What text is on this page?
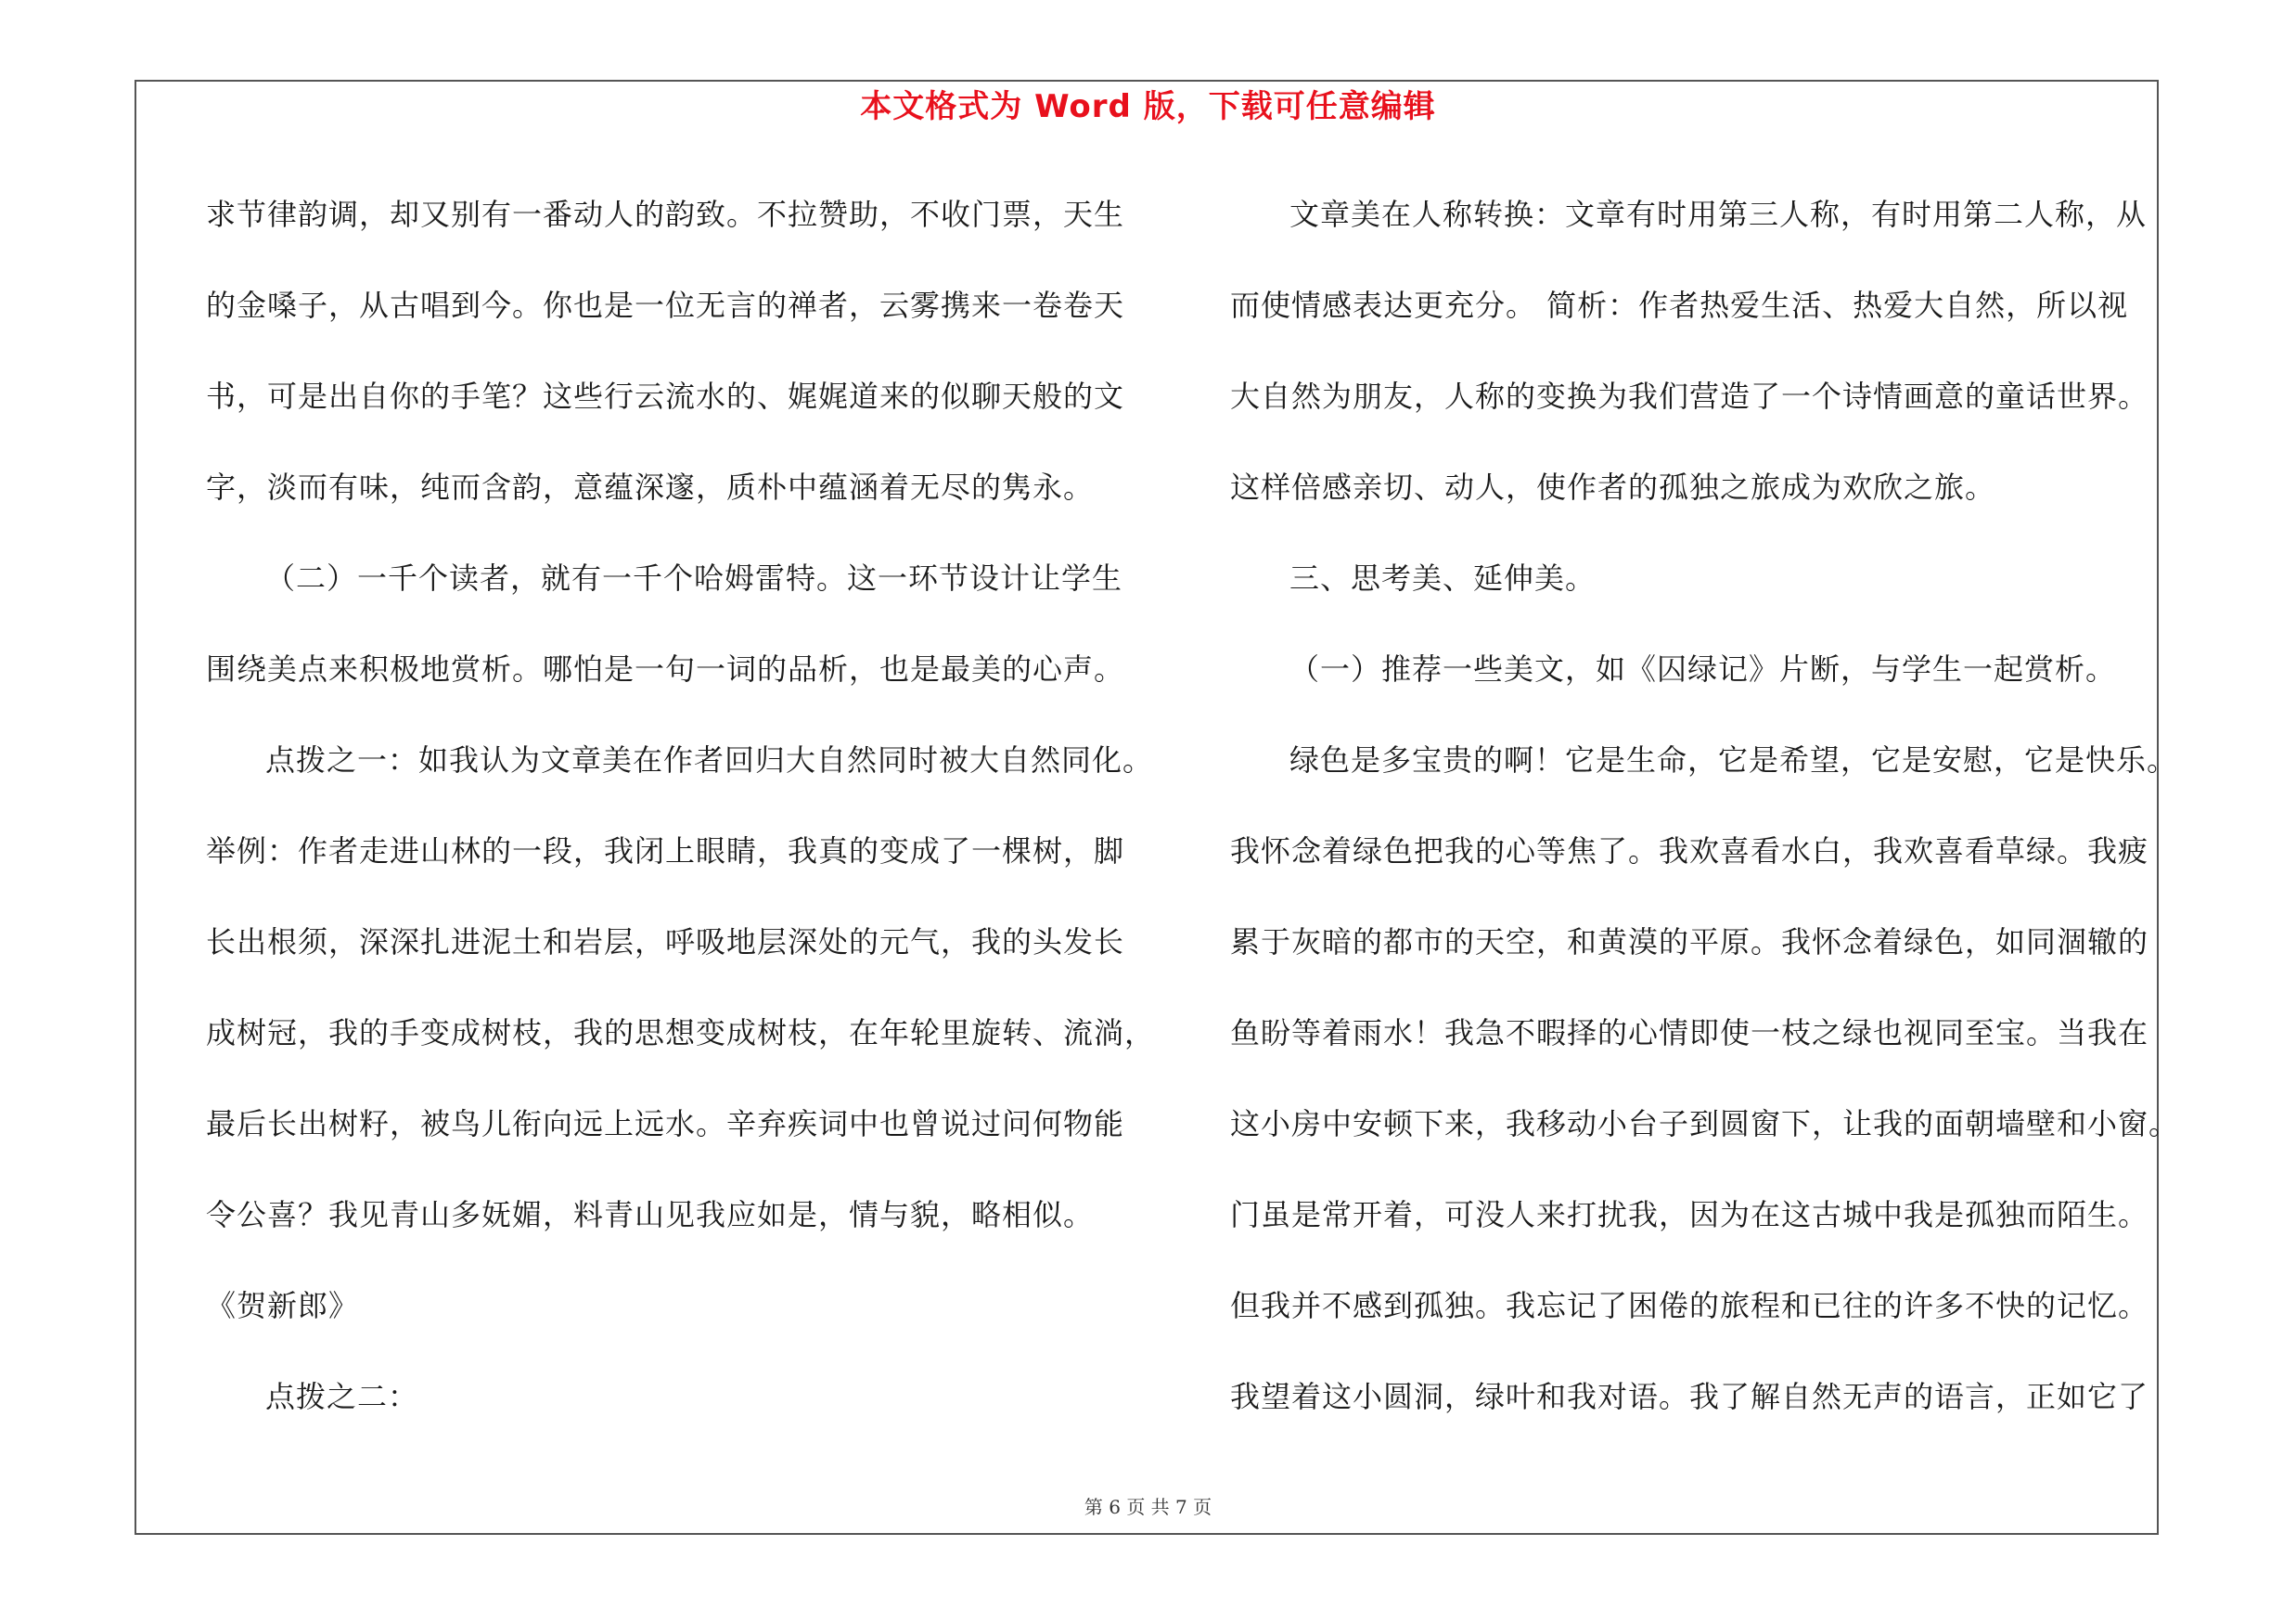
本文格式为 Word 版，下载可任意编辑
求节律韵调，却又别有一番动人的韵致。不拉赞助，不收门票，天生
的金嗓子，从古唱到今。你也是一位无言的禅者，云雾携来一卷卷天
书，可是出自你的手笔？这些行云流水的、娓娓道来的似聊天般的文
字，淡而有味，纯而含韵，意蕴深邃，质朴中蕴涵着无尽的隽永。
（二）一千个读者，就有一千个哈姆雷特。这一环节设计让学生
围绕美点来积极地赏析。哪怕是一句一词的品析，也是最美的心声。
点拨之一：如我认为文章美在作者回归大自然同时被大自然同化。
举例：作者走进山林的一段，我闭上眼睛，我真的变成了一棵树，脚
长出根须，深深扎进泥土和岩层，呼吸地层深处的元气，我的头发长
成树冠，我的手变成树枝，我的思想变成树枝，在年轮里旋转、流淌，
最后长出树籽，被鸟儿衔向远上远水。辛弃疾词中也曾说过问何物能
令公喜？我见青山多妩媚，料青山见我应如是，情与貌，略相似。
《贺新郎》
点拨之二：
文章美在人称转换：文章有时用第三人称，有时用第二人称，从
而使情感表达更充分。 简析：作者热爱生活、热爱大自然，所以视
大自然为朋友，人称的变换为我们营造了一个诗情画意的童话世界。
这样倍感亲切、动人，使作者的孤独之旅成为欢欣之旅。
三、思考美、延伸美。
（一）推荐一些美文，如《囚绿记》片断，与学生一起赏析。
绿色是多宝贵的啊！它是生命，它是希望，它是安慰，它是快乐。
我怀念着绿色把我的心等焦了。我欢喜看水白，我欢喜看草绿。我疲
累于灰暗的都市的天空，和黄漠的平原。我怀念着绿色，如同涸辙的
鱼盼等着雨水！我急不暇择的心情即使一枝之绿也视同至宝。当我在
这小房中安顿下来，我移动小台子到圆窗下，让我的面朝墙壁和小窗。
门虽是常开着，可没人来打扰我，因为在这古城中我是孤独而陌生。
但我并不感到孤独。我忘记了困倦的旅程和已往的许多不快的记忆。
我望着这小圆洞，绿叶和我对语。我了解自然无声的语言，正如它了
第 6 页 共 7 页
